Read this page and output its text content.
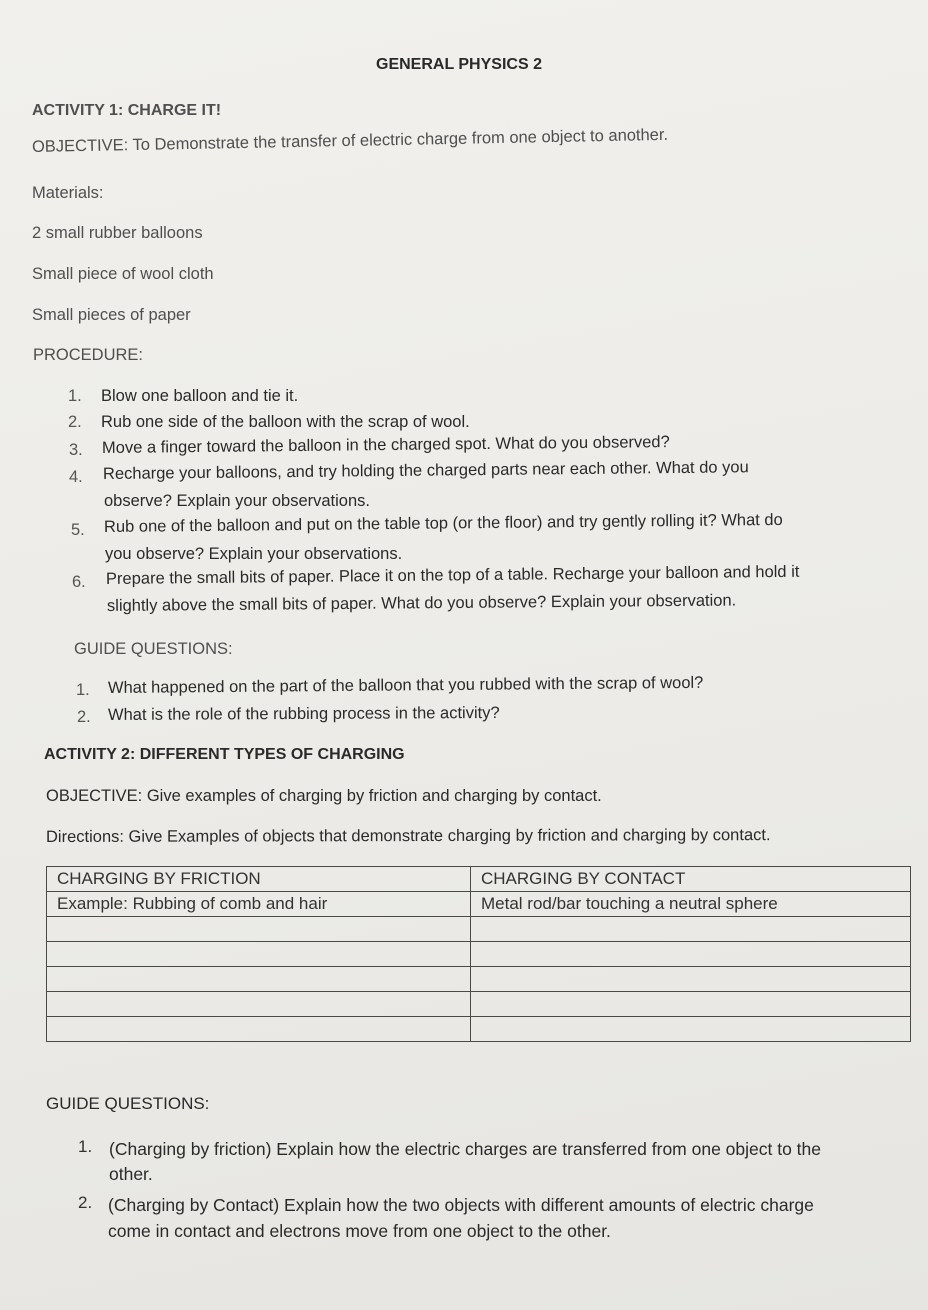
GENERAL PHYSICS 2
ACTIVITY 1: CHARGE IT!
OBJECTIVE: To Demonstrate the transfer of electric charge from one object to another.
Materials:
2 small rubber balloons
Small piece of wool cloth
Small pieces of paper
PROCEDURE:
1. Blow one balloon and tie it.
2. Rub one side of the balloon with the scrap of wool.
3. Move a finger toward the balloon in the charged spot. What do you observed?
4. Recharge your balloons, and try holding the charged parts near each other. What do you
observe? Explain your observations.
5. Rub one of the balloon and put on the table top (or the floor) and try gently rolling it? What do
you observe? Explain your observations.
6. Prepare the small bits of paper. Place it on the top of a table. Recharge your balloon and hold it
slightly above the small bits of paper. What do you observe? Explain your observation.
GUIDE QUESTIONS:
1. What happened on the part of the balloon that you rubbed with the scrap of wool?
2. What is the role of the rubbing process in the activity?
ACTIVITY 2: DIFFERENT TYPES OF CHARGING
OBJECTIVE: Give examples of charging by friction and charging by contact.
Directions: Give Examples of objects that demonstrate charging by friction and charging by contact.
CHARGING BY FRICTION	CHARGING BY CONTACT
Example: Rubbing of comb and hair	Metal rod/bar touching a neutral sphere

GUIDE QUESTIONS:
1. (Charging by friction) Explain how the electric charges are transferred from one object to the
other.
2. (Charging by Contact) Explain how the two objects with different amounts of electric charge
come in contact and electrons move from one object to the other.
